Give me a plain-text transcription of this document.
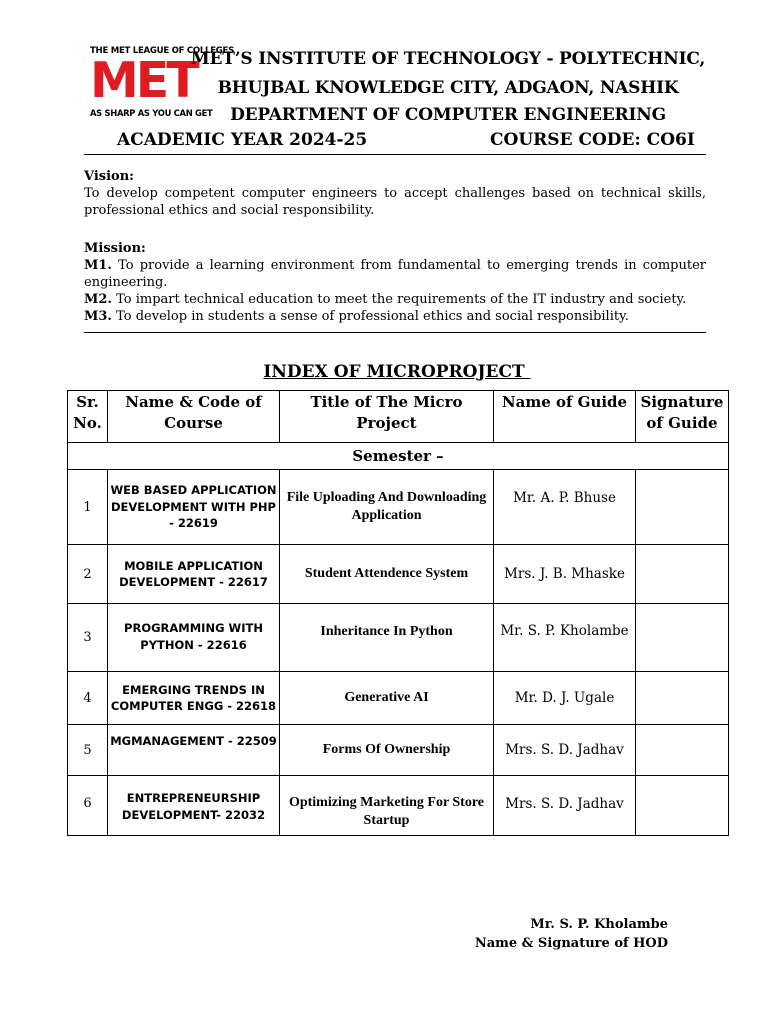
THE MET LEAGUE OF COLLEGES
MET
AS SHARP AS YOU CAN GET
MET’S INSTITUTE OF TECHNOLOGY - POLYTECHNIC,
BHUJBAL KNOWLEDGE CITY, ADGAON, NASHIK
DEPARTMENT OF COMPUTER ENGINEERING
ACADEMIC YEAR 2024-25	COURSE CODE: CO6I
Vision:
To develop competent computer engineers to accept challenges based on technical skills, professional ethics and social responsibility.
Mission:
M1. To provide a learning environment from fundamental to emerging trends in computer engineering.
M2. To impart technical education to meet the requirements of the IT industry and society.
M3. To develop in students a sense of professional ethics and social responsibility.
INDEX OF MICROPROJECT
Sr. No.	Name & Code of Course	Title of The Micro Project	Name of Guide	Signature of Guide
Semester –				
1	WEB BASED APPLICATION DEVELOPMENT WITH PHP - 22619	File Uploading And Downloading Application	Mr. A. P. Bhuse	
2	MOBILE APPLICATION DEVELOPMENT - 22617	Student Attendence System	Mrs. J. B. Mhaske	
3	PROGRAMMING WITH PYTHON - 22616	Inheritance In Python	Mr. S. P. Kholambe	
4	EMERGING TRENDS IN COMPUTER ENGG - 22618	Generative AI	Mr. D. J. Ugale	
5	MGMANAGEMENT - 22509	Forms Of Ownership	Mrs. S. D. Jadhav	
6	ENTREPRENEURSHIP DEVELOPMENT- 22032	Optimizing Marketing For Store Startup	Mrs. S. D. Jadhav	
Mr. S. P. Kholambe
Name & Signature of HOD
